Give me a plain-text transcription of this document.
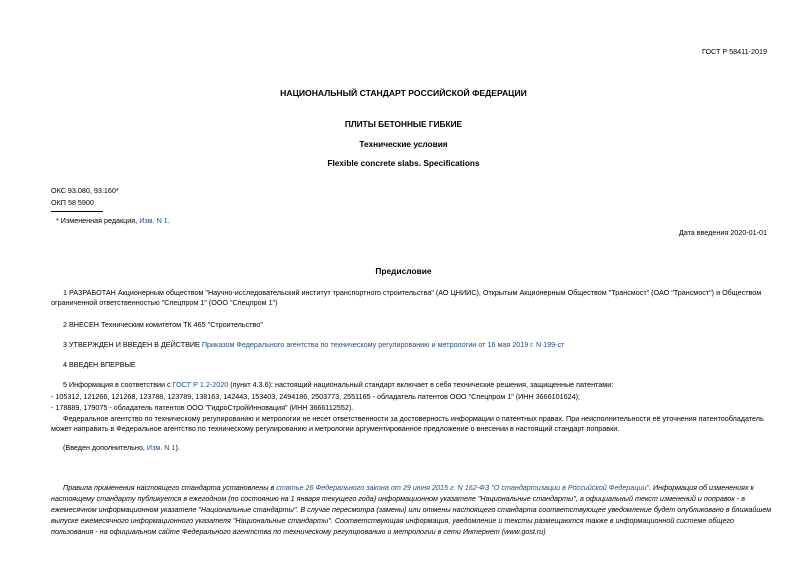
ГОСТ Р 58411-2019
НАЦИОНАЛЬНЫЙ СТАНДАРТ РОССИЙСКОЙ ФЕДЕРАЦИИ
ПЛИТЫ БЕТОННЫЕ ГИБКИЕ
Технические условия
Flexible concrete slabs. Specifications
ОКС 93.080, 93.160*
ОКП 58 5900
* Измененная редакция, Изм. N 1.
Дата введения 2020-01-01
Предисловие
1 РАЗРАБОТАН Акционерным обществом "Научно-исследовательский институт транспортного строительства" (АО ЦНИИС), Открытым Акционерным Обществом "Трансмост" (ОАО "Трансмост") и Обществом ограниченной ответственностью "Спецпром 1" (ООО "Спецпром 1")
2 ВНЕСЕН Техническим комитетом ТК 465 "Строительство"
3 УТВЕРЖДЕН И ВВЕДЕН В ДЕЙСТВИЕ Приказом Федерального агентства по техническому регулированию и метрологии от 16 мая 2019 г. N 199-ст
4 ВВЕДЕН ВПЕРВЫЕ
5 Информация в соответствии с ГОСТ Р 1.2-2020 (пункт 4.3.6): настоящий национальный стандарт включает в себя технические решения, защищенные патентами:
- 105312, 121266, 121268, 123788, 123789, 138163, 142443, 153403, 2494186, 2503773, 2551165 - обладатель патентов ООО "Спецпром 1" (ИНН 3666101624);
- 178889, 179075 - обладатель патентов ООО "ГидроСтройИнновация" (ИНН 3666112552).
Федеральное агентство по техническому регулированию и метрологии не несет ответственности за достоверность информации о патентных правах. При неисполнительности её уточнения патентообладатель может направить в Федеральное агентство по техническому регулированию и метрологии аргументированное предложение о внесении в настоящий стандарт поправки.
(Введен дополнительно, Изм. N 1).
Правила применения настоящего стандарта установлены в статье 26 Федерального закона от 29 июня 2015 г. N 162-ФЗ "О стандартизации в Российской Федерации". Информация об изменениях к настоящему стандарту публикуется в ежегодном (по состоянию на 1 января текущего года) информационном указателе "Национальные стандарты", а официальный текст изменений и поправок - в ежемесячном информационном указателе "Национальные стандарты". В случае пересмотра (замены) или отмены настоящего стандарта соответствующее уведомление будет опубликовано в ближайшем выпуске ежемесячного информационного указателя "Национальные стандарты". Соответствующая информация, уведомление и тексты размещаются также в информационной системе общего пользования - на официальном сайте Федерального агентства по техническому регулированию и метрологии в сети Интернет (www.gost.ru)
